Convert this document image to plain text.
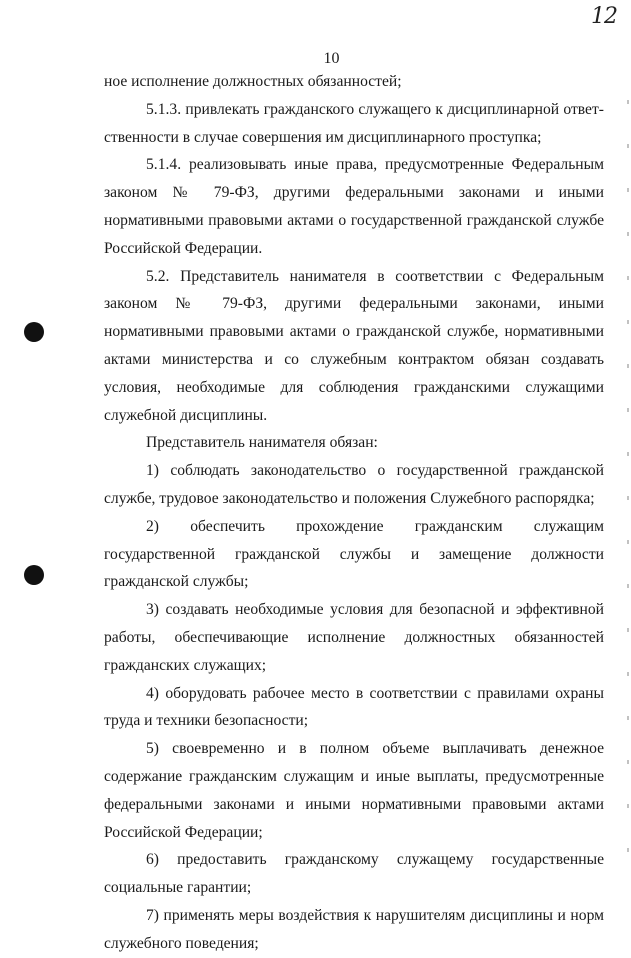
12
10

ное исполнение должностных обязанностей;

5.1.3. привлекать гражданского служащего к дисциплинарной ответственности в случае совершения им дисциплинарного проступка;

5.1.4. реализовывать иные права, предусмотренные Федеральным законом № 79-ФЗ, другими федеральными законами и иными нормативными правовыми актами о государственной гражданской службе Российской Федерации.

5.2. Представитель нанимателя в соответствии с Федеральным законом № 79-ФЗ, другими федеральными законами, иными нормативными правовыми актами о гражданской службе, нормативными актами министерства и со служебным контрактом обязан создавать условия, необходимые для соблюдения гражданскими служащими служебной дисциплины.

Представитель нанимателя обязан:

1) соблюдать законодательство о государственной гражданской службе, трудовое законодательство и положения Служебного распорядка;

2) обеспечить прохождение гражданским служащим государственной гражданской службы и замещение должности гражданской службы;

3) создавать необходимые условия для безопасной и эффективной работы, обеспечивающие исполнение должностных обязанностей гражданских служащих;

4) оборудовать рабочее место в соответствии с правилами охраны труда и техники безопасности;

5) своевременно и в полном объеме выплачивать денежное содержание гражданским служащим и иные выплаты, предусмотренные федеральными законами и иными нормативными правовыми актами Российской Федерации;

6) предоставить гражданскому служащему государственные социальные гарантии;

7) применять меры воздействия к нарушителям дисциплины и норм служебного поведения;
